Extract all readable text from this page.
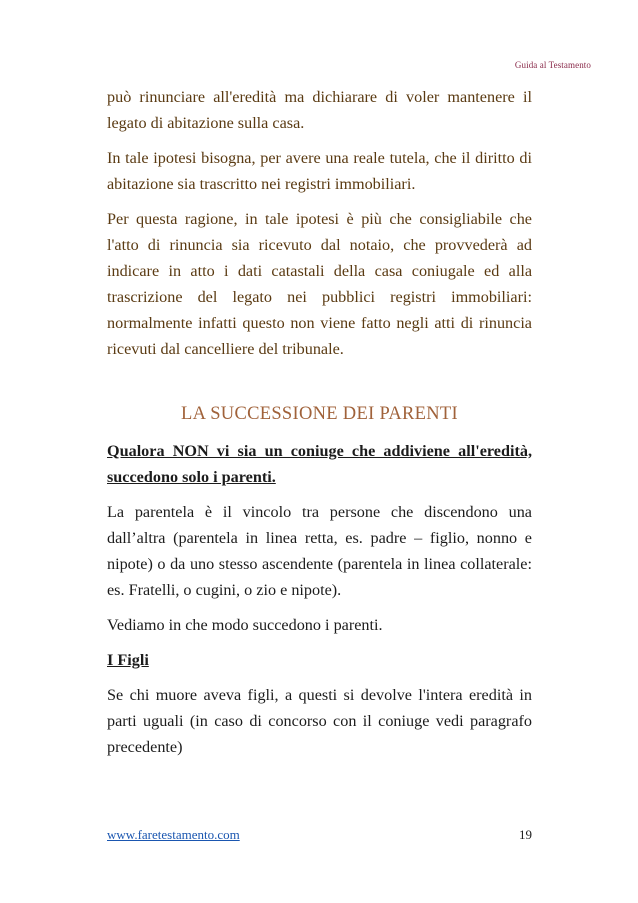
Guida al Testamento

può rinunciare all'eredità ma dichiarare di voler mantenere il legato di abitazione sulla casa.

In tale ipotesi bisogna, per avere una reale tutela, che il diritto di abitazione sia trascritto nei registri immobiliari.

Per questa ragione, in tale ipotesi è più che consigliabile che l'atto di rinuncia sia ricevuto dal notaio, che provvederà ad indicare in atto i dati catastali della casa coniugale ed alla trascrizione del legato nei pubblici registri immobiliari: normalmente infatti questo non viene fatto negli atti di rinuncia ricevuti dal cancelliere del tribunale.

LA SUCCESSIONE DEI PARENTI

Qualora NON vi sia un coniuge che addiviene all'eredità, succedono solo i parenti.

La parentela è il vincolo tra persone che discendono una dall’altra (parentela in linea retta, es. padre – figlio, nonno e nipote) o da uno stesso ascendente (parentela in linea collaterale: es. Fratelli, o cugini, o zio e nipote).

Vediamo in che modo succedono i parenti.

I Figli

Se chi muore aveva figli, a questi si devolve l'intera eredità in parti uguali (in caso di concorso con il coniuge vedi paragrafo precedente)

www.faretestamento.com	19
